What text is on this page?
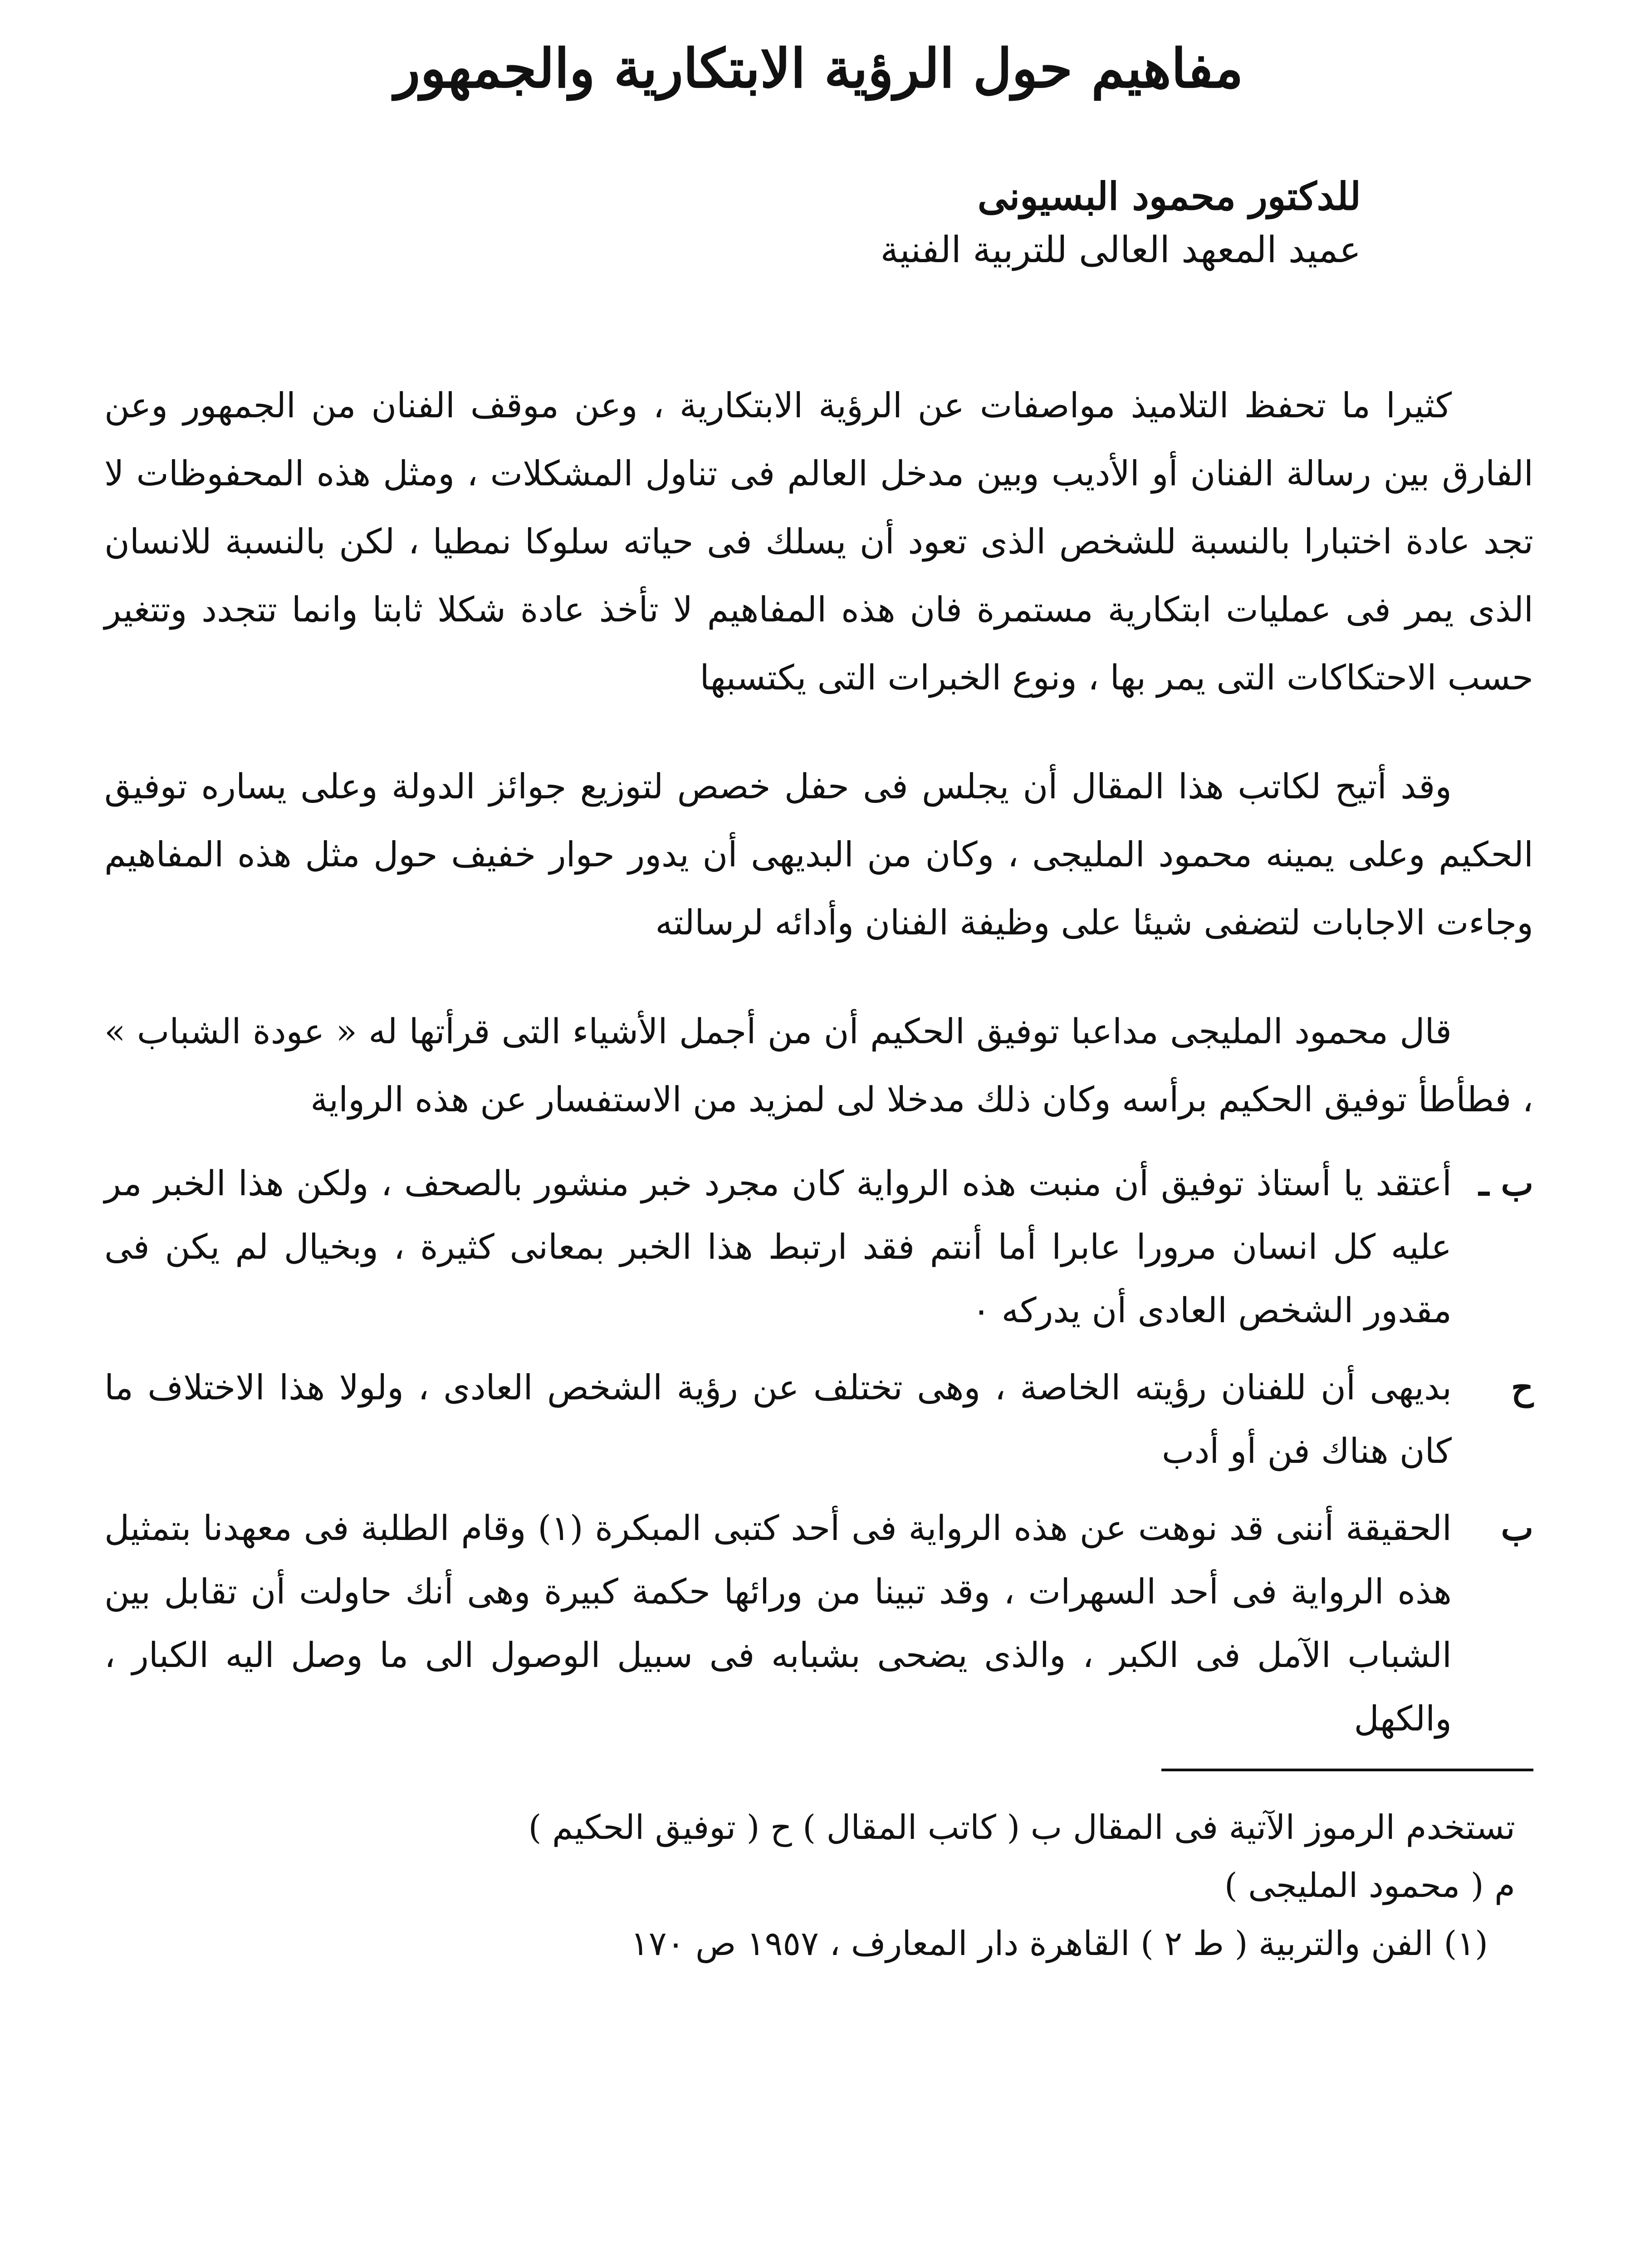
مفاهيم حول الرؤية الابتكارية والجمهور
للدكتور محمود البسيونى
عميد المعهد العالى للتربية الفنية

كثيرا ما تحفظ التلاميذ مواصفات عن الرؤية الابتكارية ، وعن موقف الفنان من الجمهور وعن الفارق بين رسالة الفنان أو الأديب وبين مدخل العالم فى تناول المشكلات ، ومثل هذه المحفوظات لا تجد عادة اختبارا بالنسبة للشخص الذى تعود أن يسلك فى حياته سلوكا نمطيا ، لكن بالنسبة للانسان الذى يمر فى عمليات ابتكارية مستمرة فان هذه المفاهيم لا تأخذ عادة شكلا ثابتا وانما تتجدد وتتغير حسب الاحتكاكات التى يمر بها ، ونوع الخبرات التى يكتسبها

وقد أتيح لكاتب هذا المقال أن يجلس فى حفل خصص لتوزيع جوائز الدولة وعلى يساره توفيق الحكيم وعلى يمينه محمود المليجى ، وكان من البديهى أن يدور حوار خفيف حول مثل هذه المفاهيم وجاءت الاجابات لتضفى شيئا على وظيفة الفنان وأدائه لرسالته

قال محمود المليجى مداعبا توفيق الحكيم أن من أجمل الأشياء التى قرأتها له « عودة الشباب » ، فطأطأ توفيق الحكيم برأسه وكان ذلك مدخلا لى لمزيد من الاستفسار عن هذه الرواية

ب ـ
أعتقد يا أستاذ توفيق أن منبت هذه الرواية كان مجرد خبر منشور بالصحف ، ولكن هذا الخبر مر عليه كل انسان مرورا عابرا أما أنتم فقد ارتبط هذا الخبر بمعانى كثيرة ، وبخيال لم يكن فى مقدور الشخص العادى أن يدركه ٠
ح
بديهى أن للفنان رؤيته الخاصة ، وهى تختلف عن رؤية الشخص العادى ، ولولا هذا الاختلاف ما كان هناك فن أو أدب
ب
الحقيقة أننى قد نوهت عن هذه الرواية فى أحد كتبى المبكرة (١) وقام الطلبة فى معهدنا بتمثيل هذه الرواية فى أحد السهرات ، وقد تبينا من ورائها حكمة كبيرة وهى أنك حاولت أن تقابل بين الشباب الآمل فى الكبر ، والذى يضحى بشبابه فى سبيل الوصول الى ما وصل اليه الكبار ، والكهل
تستخدم الرموز الآتية فى المقال ب ( كاتب المقال ) ح ( توفيق الحكيم )
م ( محمود المليجى )
(١) الفن والتربية ( ط ٢ ) القاهرة دار المعارف ، ١٩٥٧ ص ١٧٠
